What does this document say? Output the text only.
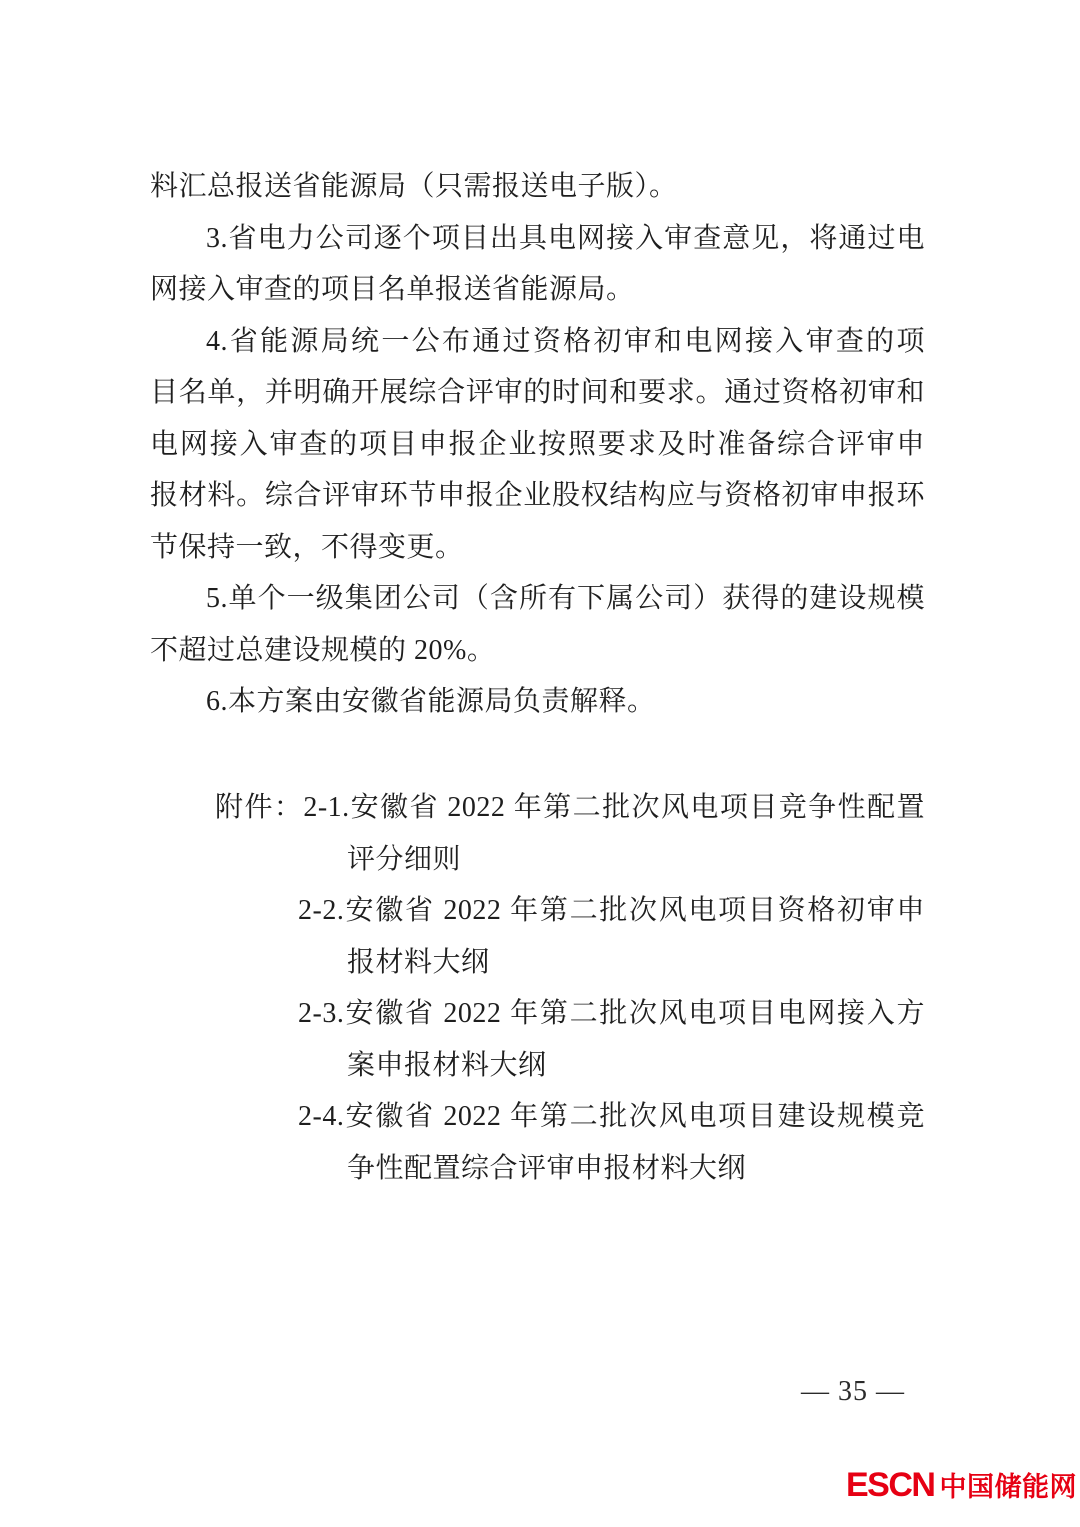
料汇总报送省能源局（只需报送电子版）。
3.省电力公司逐个项目出具电网接入审查意见，将通过电
网接入审查的项目名单报送省能源局。
4.省能源局统一公布通过资格初审和电网接入审查的项
目名单，并明确开展综合评审的时间和要求。通过资格初审和
电网接入审查的项目申报企业按照要求及时准备综合评审申
报材料。综合评审环节申报企业股权结构应与资格初审申报环
节保持一致，不得变更。
5.单个一级集团公司（含所有下属公司）获得的建设规模
不超过总建设规模的 20%。
6.本方案由安徽省能源局负责解释。
附件：2-1.安徽省 2022 年第二批次风电项目竞争性配置
评分细则
2-2.安徽省 2022 年第二批次风电项目资格初审申
报材料大纲
2-3.安徽省 2022 年第二批次风电项目电网接入方
案申报材料大纲
2-4.安徽省 2022 年第二批次风电项目建设规模竞
争性配置综合评审申报材料大纲
— 35 —
ESCN 中国储能网
